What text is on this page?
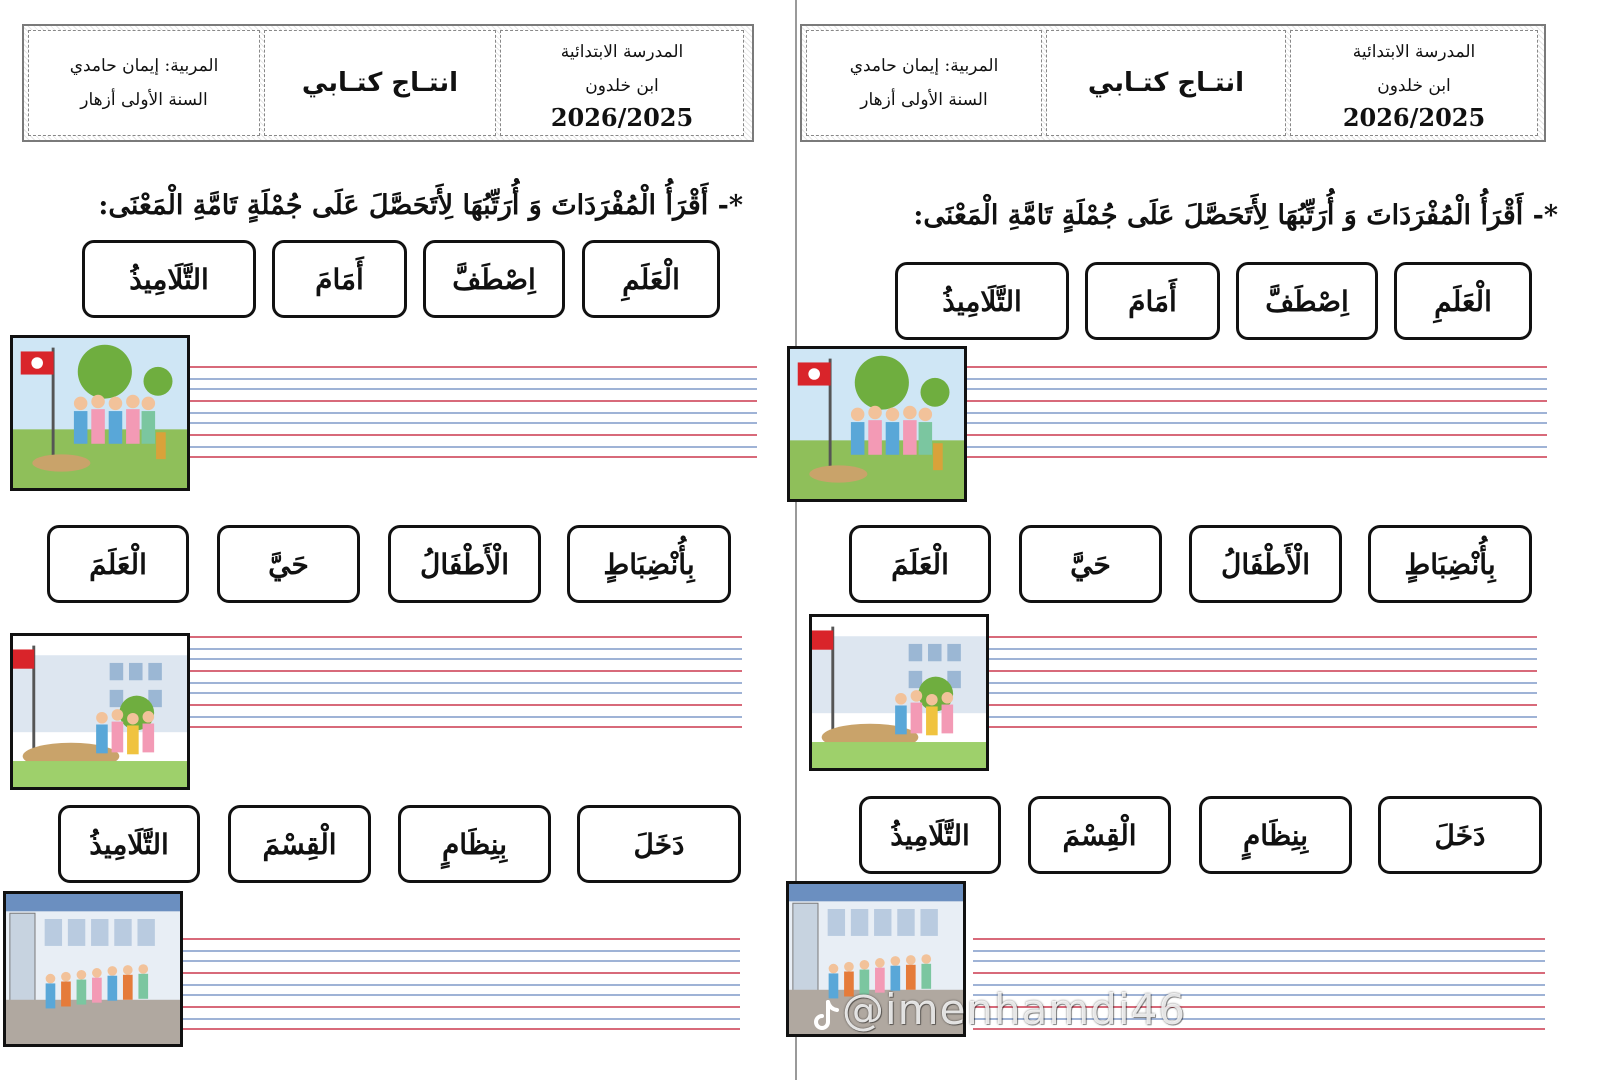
المربية: إيمان حامدي
السنة الأولى أزهار
انتـاج كتـابي
المدرسة الابتدائية
ابن خلدون
2026/2025
*- أَقْرَأُ الْمُفْرَدَاتَ وَ أُرَتِّبُهَا لِأَتَحَصَّلَ عَلَى جُمْلَةٍ تَامَّةِ الْمَعْنَى:
الْعَلَمِ
اِصْطَفَّ
أَمَامَ
التَّلَامِيذُ
بِأُنْضِبَاطٍ
الْأَطْفَالُ
حَيَّ
الْعَلَمَ
دَخَلَ
بِنِظَامٍ
الْقِسْمَ
التَّلَامِيذُ
المربية: إيمان حامدي
السنة الأولى أزهار
انتـاج كتـابي
المدرسة الابتدائية
ابن خلدون
2026/2025
*- أَقْرَأُ الْمُفْرَدَاتَ وَ أُرَتِّبُهَا لِأَتَحَصَّلَ عَلَى جُمْلَةٍ تَامَّةِ الْمَعْنَى:
الْعَلَمِ
اِصْطَفَّ
أَمَامَ
التَّلَامِيذُ
بِأُنْضِبَاطٍ
الْأَطْفَالُ
حَيَّ
الْعَلَمَ
دَخَلَ
بِنِظَامٍ
الْقِسْمَ
التَّلَامِيذُ
@imenhamdi46
